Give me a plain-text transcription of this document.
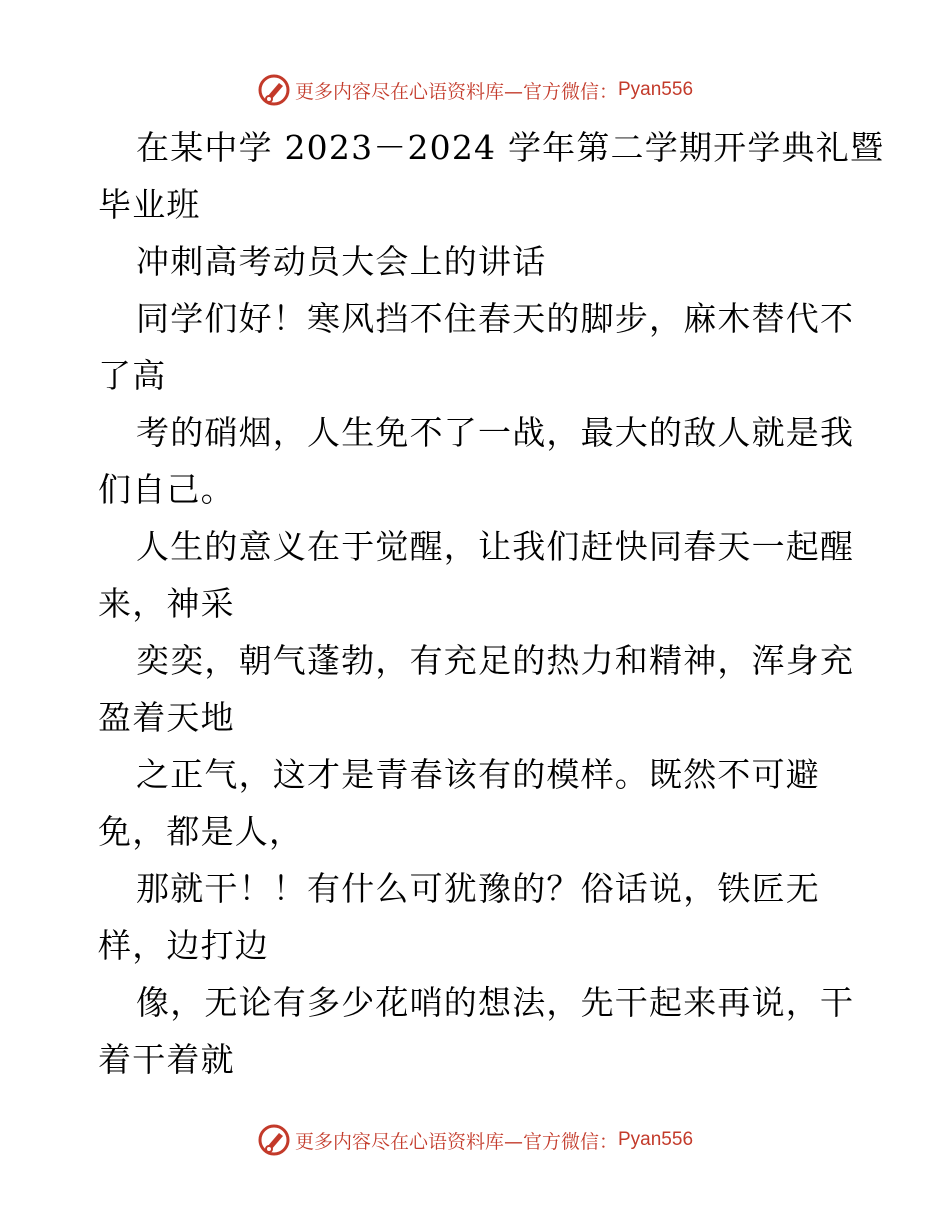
更多内容尽在心语资料库 —官方微信： Pyan556
在某中学 2023－2024 学年第二学期开学典礼暨
毕业班
冲刺高考动员大会上的讲话
同学们好！寒风挡不住春天的脚步，麻木替代不
了高
考的硝烟，人生免不了一战，最大的敌人就是我
们自己。
人生的意义在于觉醒，让我们赶快同春天一起醒
来，神采
奕奕，朝气蓬勃，有充足的热力和精神，浑身充
盈着天地
之正气，这才是青春该有的模样。既然不可避
免，都是人，
那就干！！有什么可犹豫的？俗话说，铁匠无
样，边打边
像，无论有多少花哨的想法，先干起来再说，干
着干着就
更多内容尽在心语资料库 —官方微信： Pyan556
